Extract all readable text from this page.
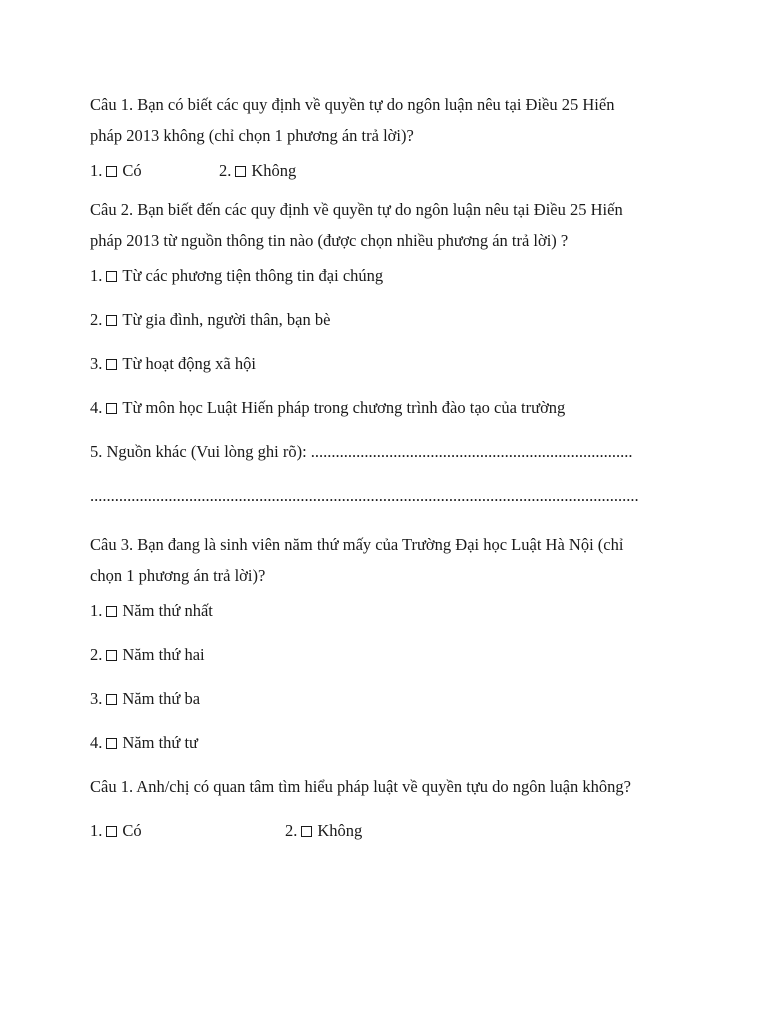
Câu 1. Bạn có biết các quy định về quyền tự do ngôn luận nêu tại Điều 25 Hiến
pháp 2013 không (chỉ chọn 1 phương án trả lời)?
1. Có	2. Không
Câu 2. Bạn biết đến các quy định về quyền tự do ngôn luận nêu tại Điều 25 Hiến
pháp 2013 từ nguồn thông tin nào (được chọn nhiều phương án trả lời) ?
1. Từ các phương tiện thông tin đại chúng
2. Từ gia đình, người thân, bạn bè
3. Từ hoạt động xã hội
4. Từ môn học Luật Hiến pháp trong chương trình đào tạo của trường
5. Nguồn khác (Vui lòng ghi rõ): ..............................................................................
.....................................................................................................................................
Câu 3. Bạn đang là sinh viên năm thứ mấy của Trường Đại học Luật Hà Nội (chỉ
chọn 1 phương án trả lời)?
1. Năm thứ nhất
2. Năm thứ hai
3. Năm thứ ba
4. Năm thứ tư
Câu 1. Anh/chị có quan tâm tìm hiểu pháp luật về quyền tựu do ngôn luận không?
1. Có	2. Không
